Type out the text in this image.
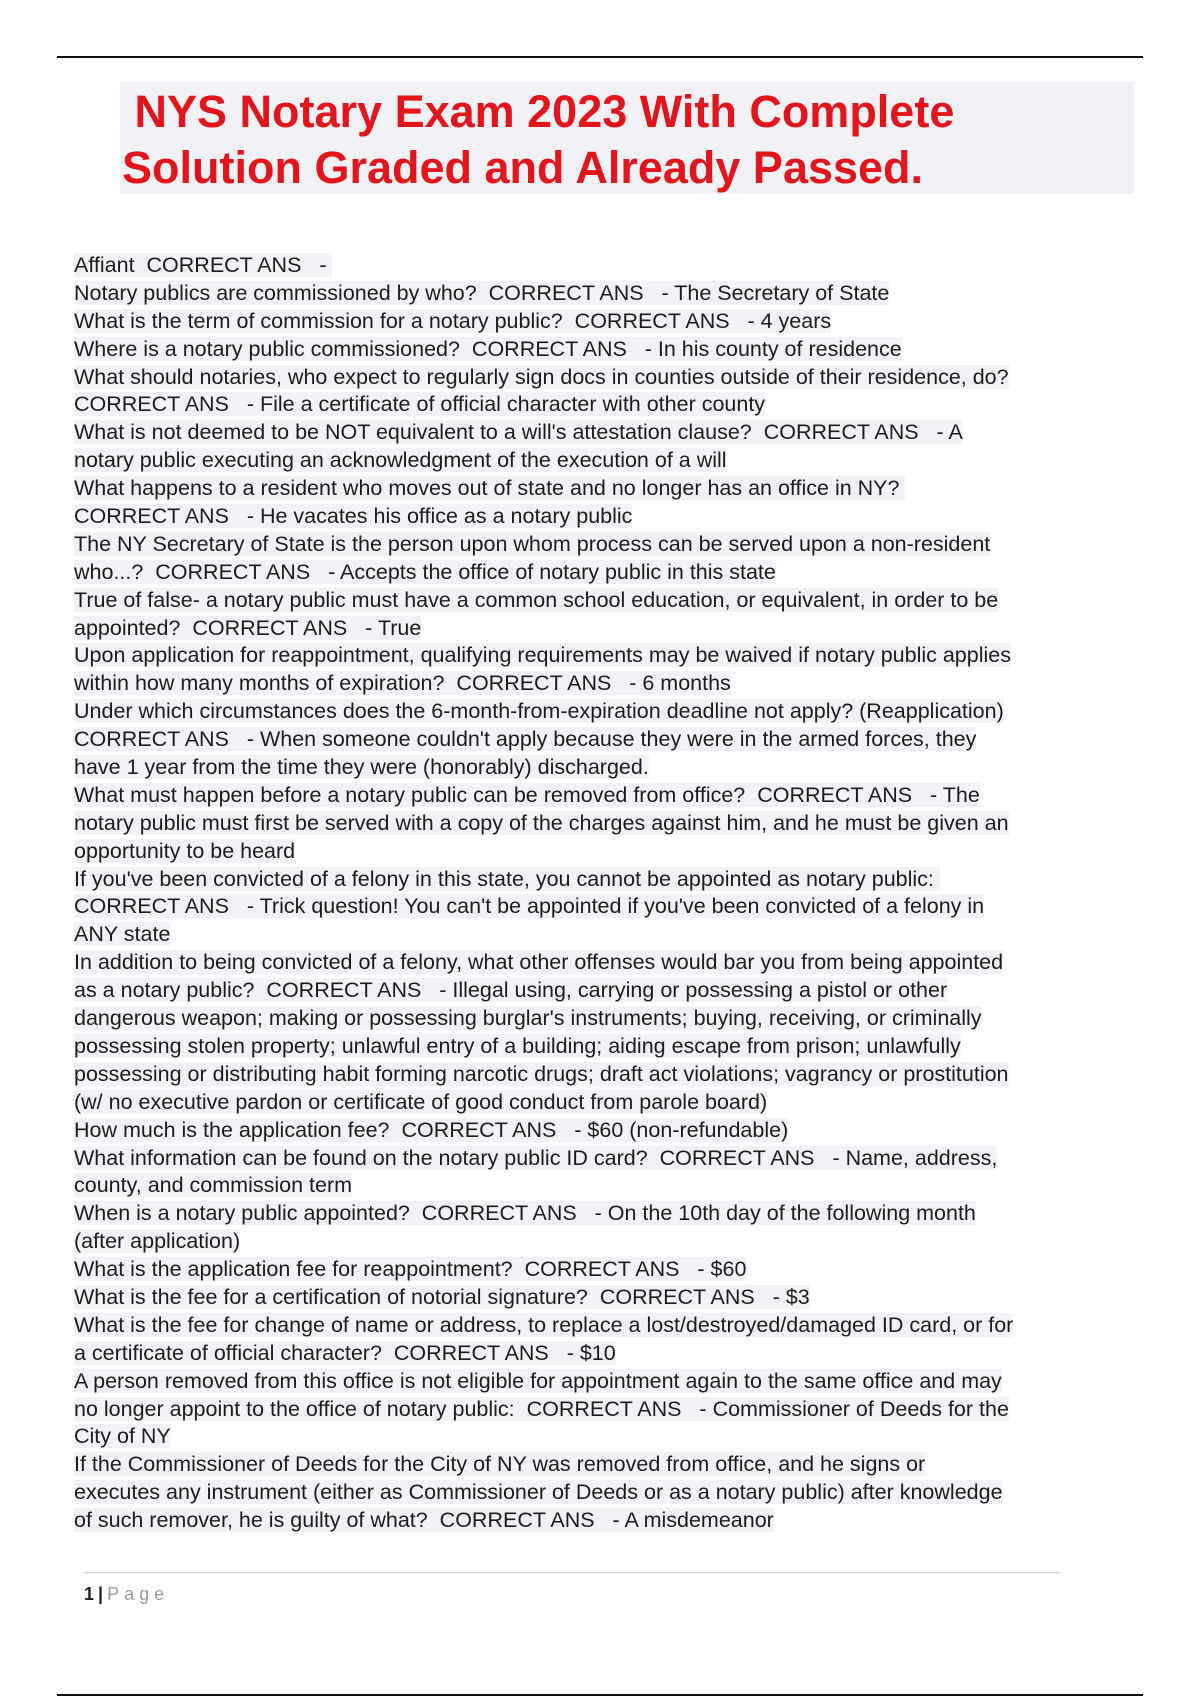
NYS Notary Exam 2023 With Complete
Solution Graded and Already Passed.
Affiant  CORRECT ANS   -
Notary publics are commissioned by who?  CORRECT ANS   - The Secretary of State
What is the term of commission for a notary public?  CORRECT ANS   - 4 years
Where is a notary public commissioned?  CORRECT ANS   - In his county of residence
What should notaries, who expect to regularly sign docs in counties outside of their residence, do?
CORRECT ANS   - File a certificate of official character with other county
What is not deemed to be NOT equivalent to a will's attestation clause?  CORRECT ANS   - A
notary public executing an acknowledgment of the execution of a will
What happens to a resident who moves out of state and no longer has an office in NY?
CORRECT ANS   - He vacates his office as a notary public
The NY Secretary of State is the person upon whom process can be served upon a non-resident
who...?  CORRECT ANS   - Accepts the office of notary public in this state
True of false- a notary public must have a common school education, or equivalent, in order to be
appointed?  CORRECT ANS   - True
Upon application for reappointment, qualifying requirements may be waived if notary public applies
within how many months of expiration?  CORRECT ANS   - 6 months
Under which circumstances does the 6-month-from-expiration deadline not apply? (Reapplication)
CORRECT ANS   - When someone couldn't apply because they were in the armed forces, they
have 1 year from the time they were (honorably) discharged.
What must happen before a notary public can be removed from office?  CORRECT ANS   - The
notary public must first be served with a copy of the charges against him, and he must be given an
opportunity to be heard
If you've been convicted of a felony in this state, you cannot be appointed as notary public:
CORRECT ANS   - Trick question! You can't be appointed if you've been convicted of a felony in
ANY state
In addition to being convicted of a felony, what other offenses would bar you from being appointed
as a notary public?  CORRECT ANS   - Illegal using, carrying or possessing a pistol or other
dangerous weapon; making or possessing burglar's instruments; buying, receiving, or criminally
possessing stolen property; unlawful entry of a building; aiding escape from prison; unlawfully
possessing or distributing habit forming narcotic drugs; draft act violations; vagrancy or prostitution
(w/ no executive pardon or certificate of good conduct from parole board)
How much is the application fee?  CORRECT ANS   - $60 (non-refundable)
What information can be found on the notary public ID card?  CORRECT ANS   - Name, address,
county, and commission term
When is a notary public appointed?  CORRECT ANS   - On the 10th day of the following month
(after application)
What is the application fee for reappointment?  CORRECT ANS   - $60
What is the fee for a certification of notorial signature?  CORRECT ANS   - $3
What is the fee for change of name or address, to replace a lost/destroyed/damaged ID card, or for
a certificate of official character?  CORRECT ANS   - $10
A person removed from this office is not eligible for appointment again to the same office and may
no longer appoint to the office of notary public:  CORRECT ANS   - Commissioner of Deeds for the
City of NY
If the Commissioner of Deeds for the City of NY was removed from office, and he signs or
executes any instrument (either as Commissioner of Deeds or as a notary public) after knowledge
of such remover, he is guilty of what?  CORRECT ANS   - A misdemeanor
1 | Page
